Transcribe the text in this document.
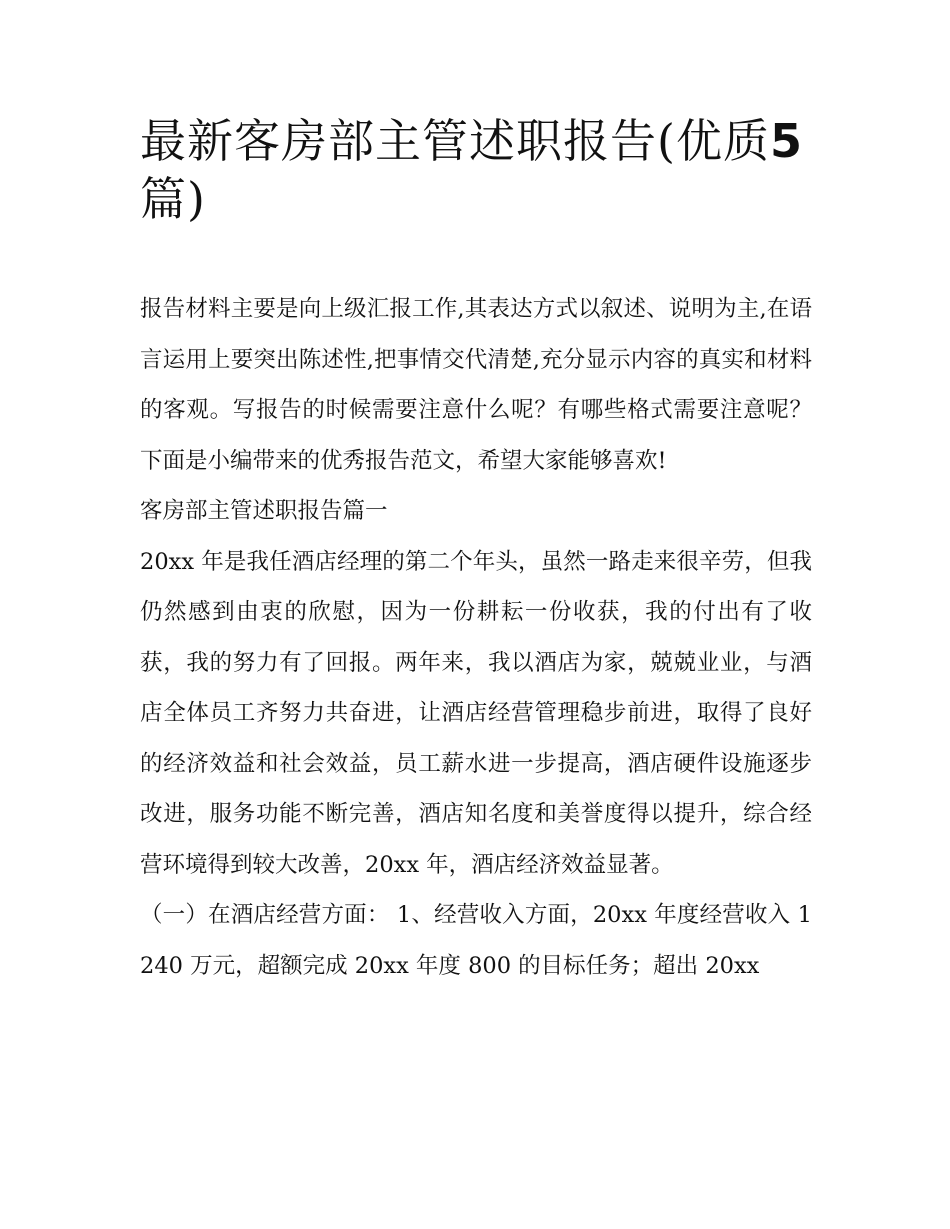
最新客房部主管述职报告(优质5 篇)

报告材料主要是向上级汇报工作,其表达方式以叙述、说明为主,在语言运用上要突出陈述性,把事情交代清楚,充分显示内容的真实和材料的客观。写报告的时候需要注意什么呢？有哪些格式需要注意呢？下面是小编带来的优秀报告范文，希望大家能够喜欢!

客房部主管述职报告篇一

20xx 年是我任酒店经理的第二个年头，虽然一路走来很辛劳，但我仍然感到由衷的欣慰，因为一份耕耘一份收获，我的付出有了收获，我的努力有了回报。两年来，我以酒店为家，兢兢业业，与酒店全体员工齐努力共奋进，让酒店经营管理稳步前进，取得了良好的经济效益和社会效益，员工薪水进一步提高，酒店硬件设施逐步改进，服务功能不断完善，酒店知名度和美誉度得以提升，综合经营环境得到较大改善，20xx 年，酒店经济效益显著。

（一）在酒店经营方面： 1、经营收入方面，20xx 年度经营收入 1240 万元，超额完成 20xx 年度 800 的目标任务；超出 20xx
